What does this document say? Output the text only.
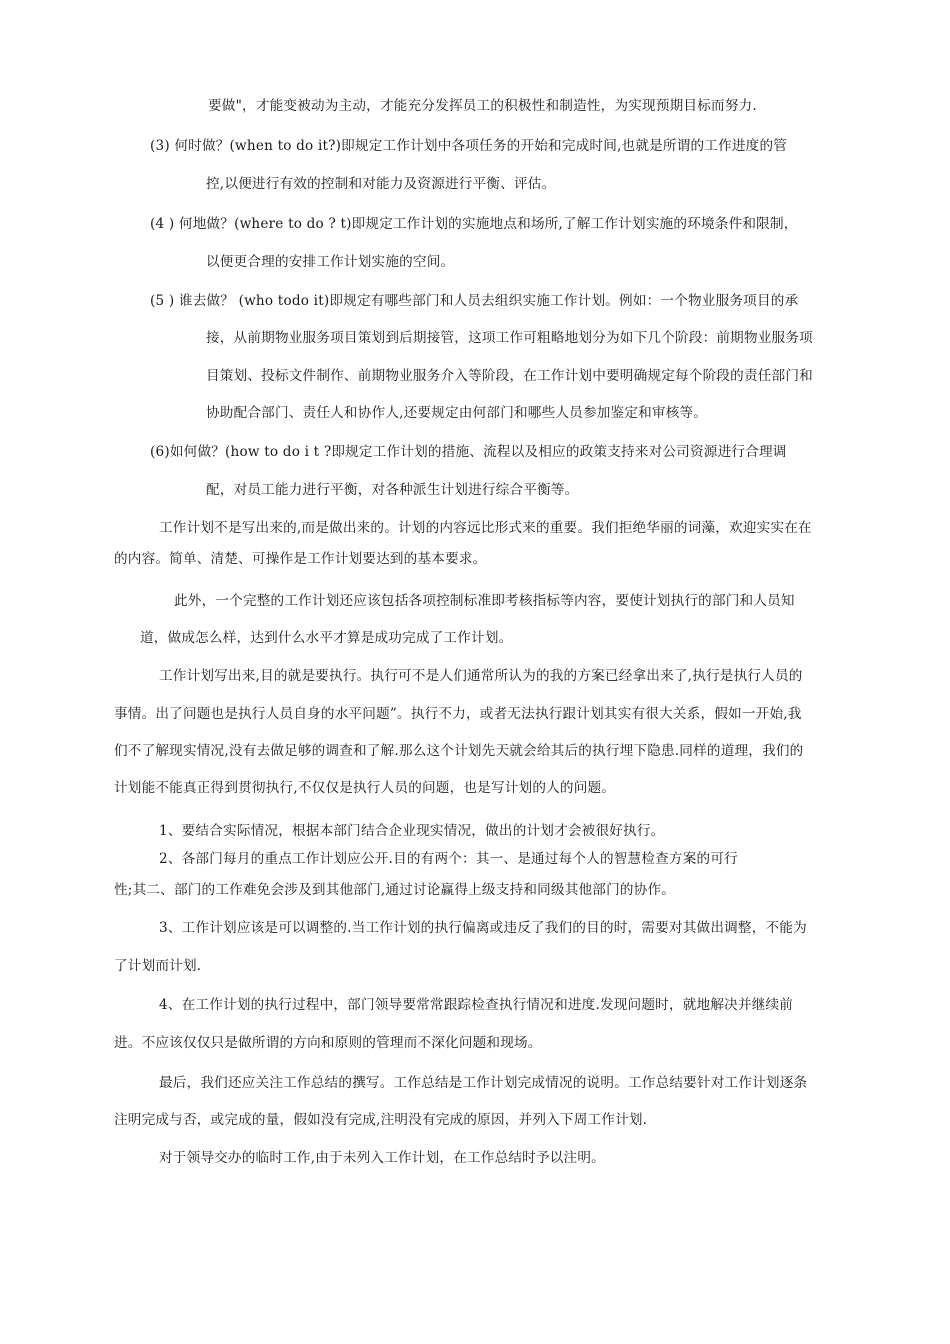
要做"，才能变被动为主动，才能充分发挥员工的积极性和制造性，为实现预期目标而努力.
(3) 何时做？(when to do it?)即规定工作计划中各项任务的开始和完成时间,也就是所谓的工作进度的管
控,以便进行有效的控制和对能力及资源进行平衡、评估。
(4 ) 何地做？(where to do ? t)即规定工作计划的实施地点和场所,了解工作计划实施的环境条件和限制，
以便更合理的安排工作计划实施的空间。
(5 ) 谁去做？ (who todo it)即规定有哪些部门和人员去组织实施工作计划。例如：一个物业服务项目的承
接，从前期物业服务项目策划到后期接管，这项工作可粗略地划分为如下几个阶段：前期物业服务项
目策划、投标文件制作、前期物业服务介入等阶段，在工作计划中要明确规定每个阶段的责任部门和
协助配合部门、责任人和协作人,还要规定由何部门和哪些人员参加鉴定和审核等。
(6)如何做？(how to do i t ?即规定工作计划的措施、流程以及相应的政策支持来对公司资源进行合理调
配，对员工能力进行平衡，对各种派生计划进行综合平衡等。
工作计划不是写出来的,而是做出来的。计划的内容远比形式来的重要。我们拒绝华丽的词藻，欢迎实实在在
的内容。简单、清楚、可操作是工作计划要达到的基本要求。
此外，一个完整的工作计划还应该包括各项控制标准即考核指标等内容，要使计划执行的部门和人员知
道，做成怎么样，达到什么水平才算是成功完成了工作计划。
工作计划写出来,目的就是要执行。执行可不是人们通常所认为的我的方案已经拿出来了,执行是执行人员的
事情。出了问题也是执行人员自身的水平问题”。执行不力，或者无法执行跟计划其实有很大关系，假如一开始,我
们不了解现实情况,没有去做足够的调查和了解.那么这个计划先天就会给其后的执行埋下隐患.同样的道理，我们的
计划能不能真正得到贯彻执行,不仅仅是执行人员的问题，也是写计划的人的问题。
1、要结合实际情况，根据本部门结合企业现实情况，做出的计划才会被很好执行。
2、各部门每月的重点工作计划应公开.目的有两个：其一、是通过每个人的智慧检查方案的可行
性;其二、部门的工作难免会涉及到其他部门,通过讨论赢得上级支持和同级其他部门的协作。
3、工作计划应该是可以调整的.当工作计划的执行偏离或违反了我们的目的时，需要对其做出调整，不能为
了计划而计划.
4、在工作计划的执行过程中，部门领导要常常跟踪检查执行情况和进度.发现问题时，就地解决并继续前
进。不应该仅仅只是做所谓的方向和原则的管理而不深化问题和现场。
最后，我们还应关注工作总结的撰写。工作总结是工作计划完成情况的说明。工作总结要针对工作计划逐条
注明完成与否，或完成的量，假如没有完成,注明没有完成的原因，并列入下周工作计划.
对于领导交办的临时工作,由于未列入工作计划，在工作总结时予以注明。
